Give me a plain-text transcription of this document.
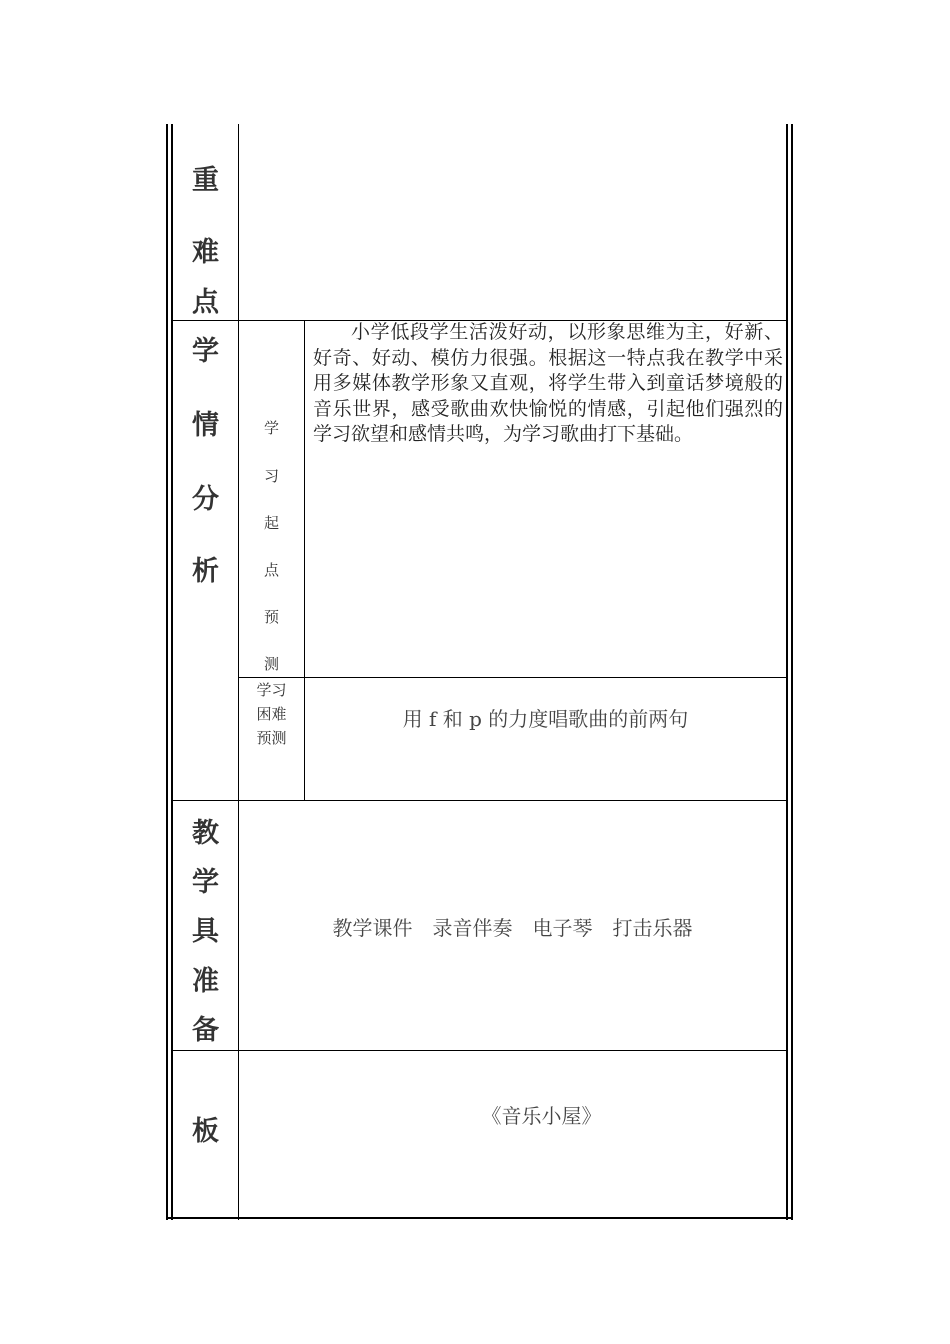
重
难
点
学
情
分
析
学
习
起
点
预
测
小学低段学生活泼好动，以形象思维为主，好新、好奇、好动、模仿力很强。根据这一特点我在教学中采用多媒体教学形象又直观，将学生带入到童话梦境般的音乐世界，感受歌曲欢快愉悦的情感，引起他们强烈的学习欲望和感情共鸣，为学习歌曲打下基础。
学习
困难
预测
用 f 和 p 的力度唱歌曲的前两句
教
学
具
准
备
教学课件　录音伴奏　电子琴　打击乐器
板	《音乐小屋》
